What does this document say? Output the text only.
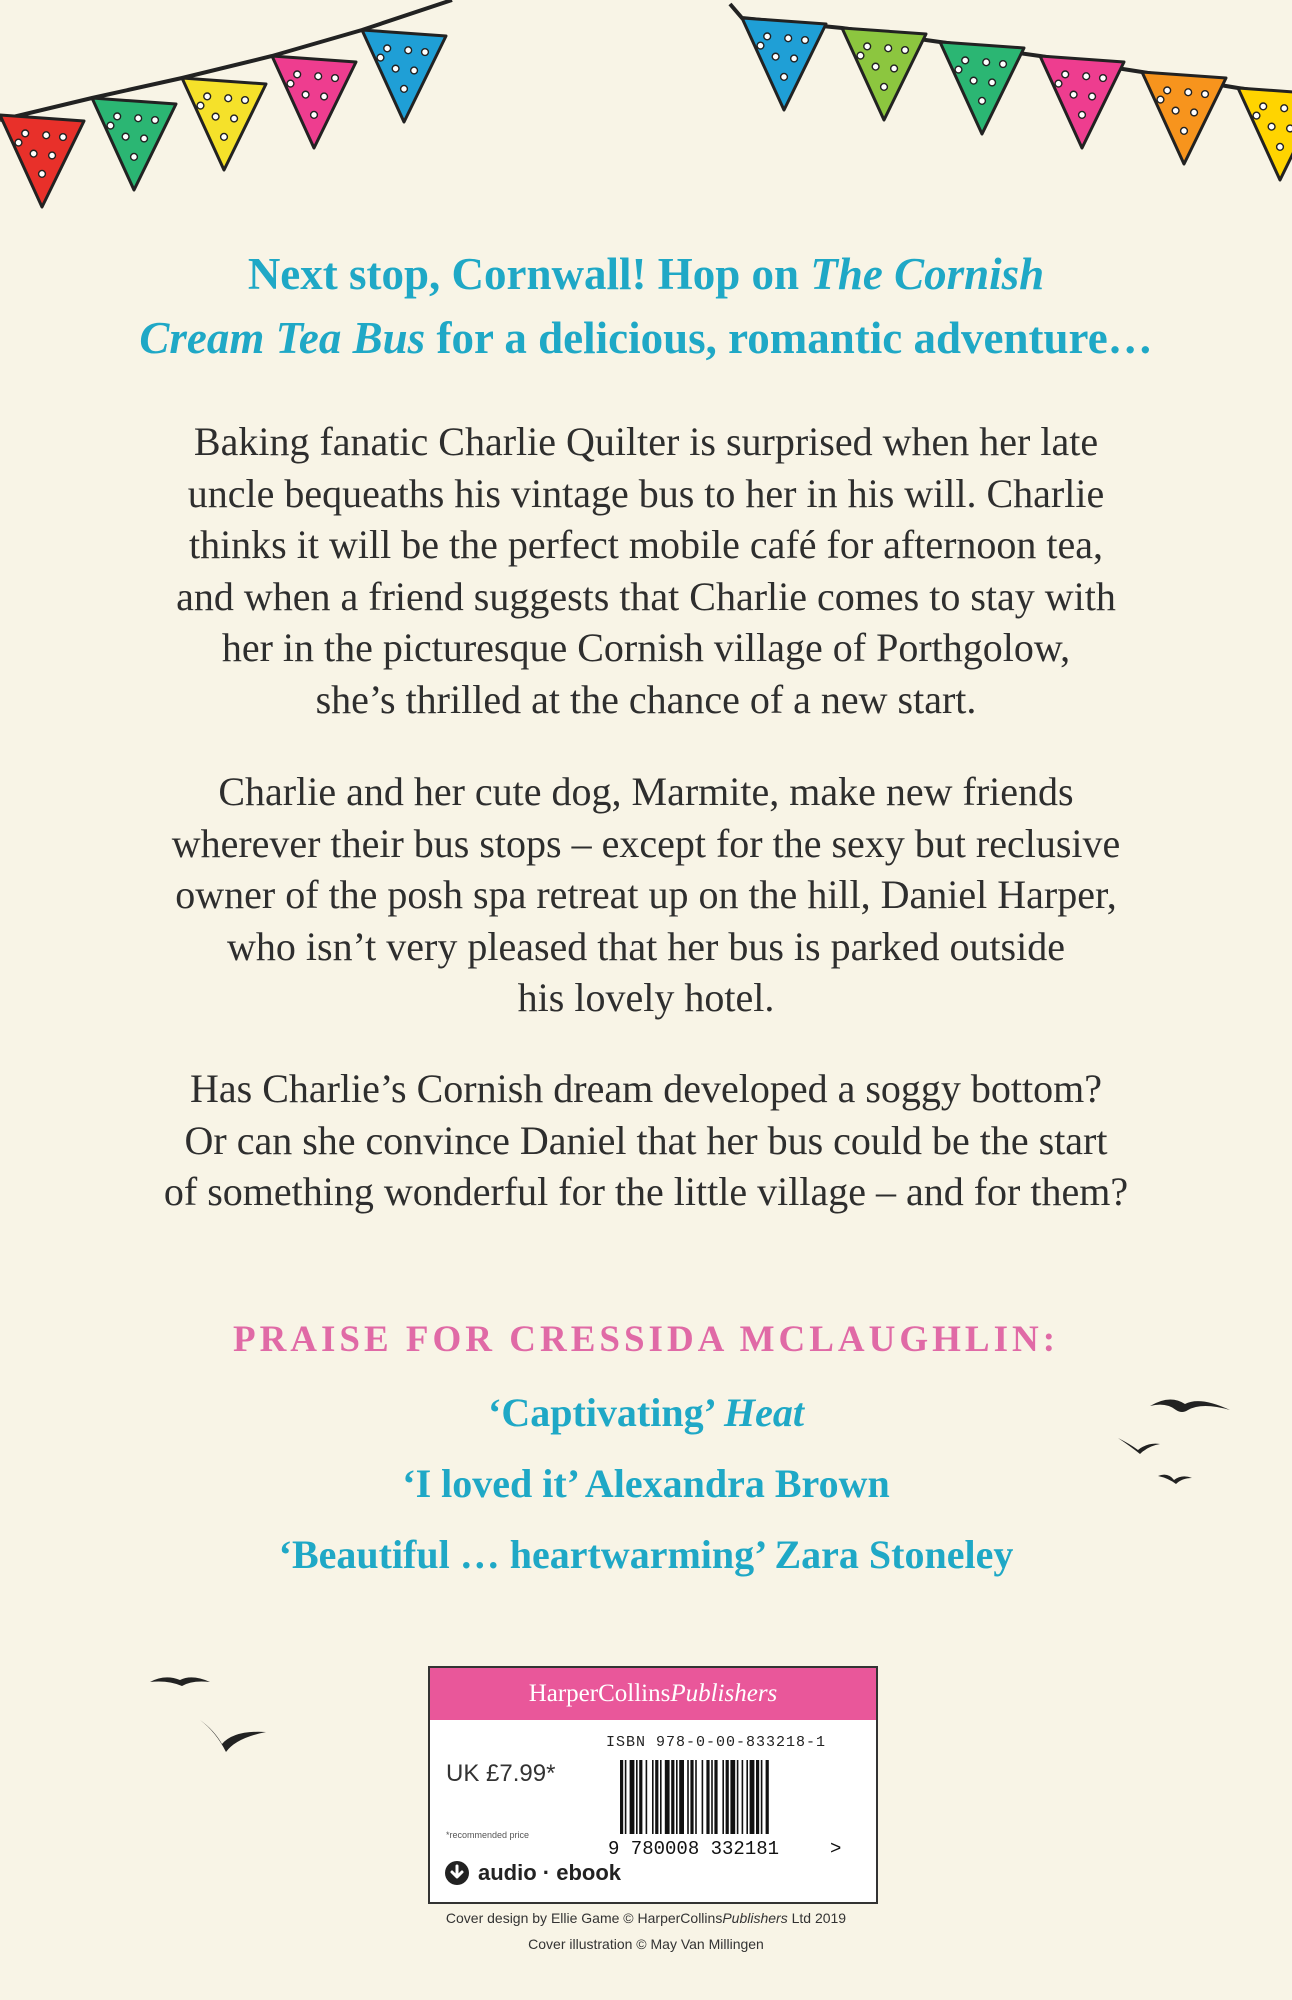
Next stop, Cornwall! Hop on The Cornish
Cream Tea Bus for a delicious, romantic adventure…

Baking fanatic Charlie Quilter is surprised when her late
uncle bequeaths his vintage bus to her in his will. Charlie
thinks it will be the perfect mobile café for afternoon tea,
and when a friend suggests that Charlie comes to stay with
her in the picturesque Cornish village of Porthgolow,
she’s thrilled at the chance of a new start.

Charlie and her cute dog, Marmite, make new friends
wherever their bus stops – except for the sexy but reclusive
owner of the posh spa retreat up on the hill, Daniel Harper,
who isn’t very pleased that her bus is parked outside
his lovely hotel.

Has Charlie’s Cornish dream developed a soggy bottom?
Or can she convince Daniel that her bus could be the start
of something wonderful for the little village – and for them?

PRAISE FOR CRESSIDA MCLAUGHLIN:
‘Captivating’ Heat
‘I loved it’ Alexandra Brown
‘Beautiful … heartwarming’ Zara Stoneley
HarperCollinsPublishers
UK £7.99*
*recommended price
ISBN 978-0-00-833218-1
9 780008 332181	>
audio · ebook
Cover design by Ellie Game © HarperCollinsPublishers Ltd 2019
Cover illustration © May Van Millingen
